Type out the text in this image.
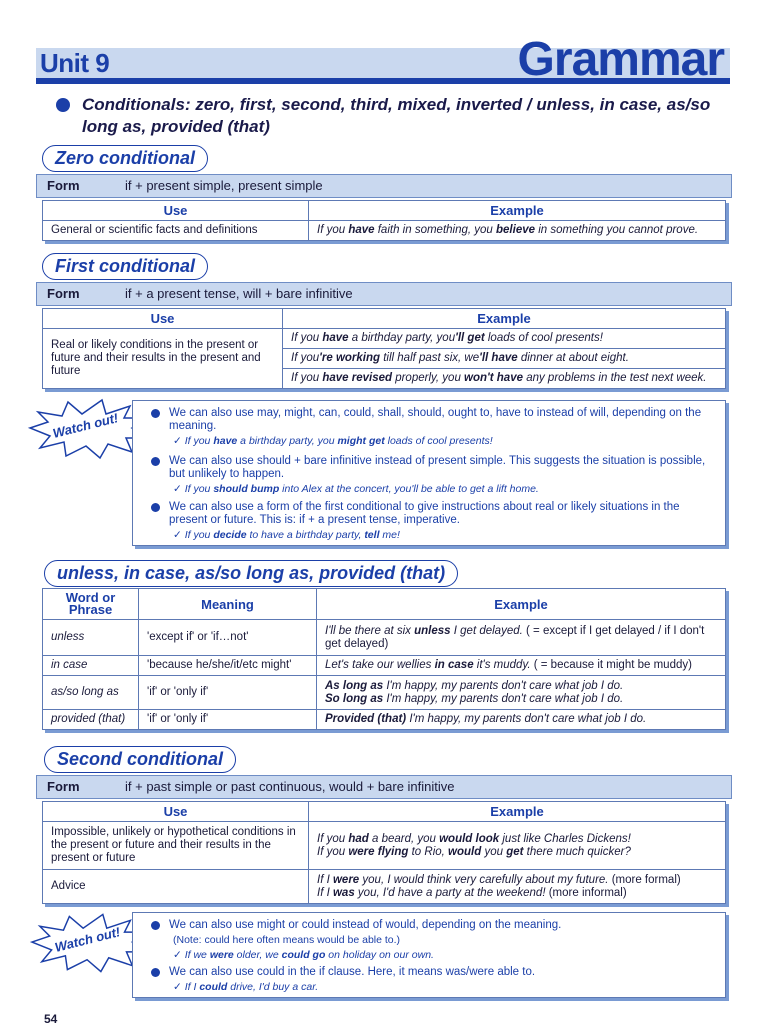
Unit 9	Grammar
Conditionals: zero, first, second, third, mixed, inverted / unless, in case, as/so long as, provided (that)
Zero conditional
Form	if + present simple, present simple
Use	Example
General or scientific facts and definitions	If you have faith in something, you believe in something you cannot prove.
First conditional
Form	if + a present tense, will + bare infinitive
Use	Example
Real or likely conditions in the present or future and their results in the present and future	If you have a birthday party, you'll get loads of cool presents!
	If you're working till half past six, we'll have dinner at about eight.
	If you have revised properly, you won't have any problems in the test next week.
Watch out!	We can also use may, might, can, could, shall, should, ought to, have to instead of will, depending on the meaning.
✓ If you have a birthday party, you might get loads of cool presents!
We can also use should + bare infinitive instead of present simple. This suggests the situation is possible, but unlikely to happen.
✓ If you should bump into Alex at the concert, you'll be able to get a lift home.
We can also use a form of the first conditional to give instructions about real or likely situations in the present or future. This is: if + a present tense, imperative.
✓ If you decide to have a birthday party, tell me!
unless, in case, as/so long as, provided (that)
Word or Phrase	Meaning	Example
unless	'except if' or 'if…not'	I'll be there at six unless I get delayed. ( = except if I get delayed / if I don't get delayed)
in case	'because he/she/it/etc might'	Let's take our wellies in case it's muddy. ( = because it might be muddy)
as/so long as	'if' or 'only if'	As long as I'm happy, my parents don't care what job I do.
So long as I'm happy, my parents don't care what job I do.
provided (that)	'if' or 'only if'	Provided (that) I'm happy, my parents don't care what job I do.
Second conditional
Form	if + past simple or past continuous, would + bare infinitive
Use	Example
Impossible, unlikely or hypothetical conditions in the present or future and their results in the present or future	If you had a beard, you would look just like Charles Dickens!
If you were flying to Rio, would you get there much quicker?
Advice	If I were you, I would think very carefully about my future. (more formal)
If I was you, I'd have a party at the weekend! (more informal)
Watch out!	We can also use might or could instead of would, depending on the meaning.
(Note: could here often means would be able to.)
✓ If we were older, we could go on holiday on our own.
We can also use could in the if clause. Here, it means was/were able to.
✓ If I could drive, I'd buy a car.
54
